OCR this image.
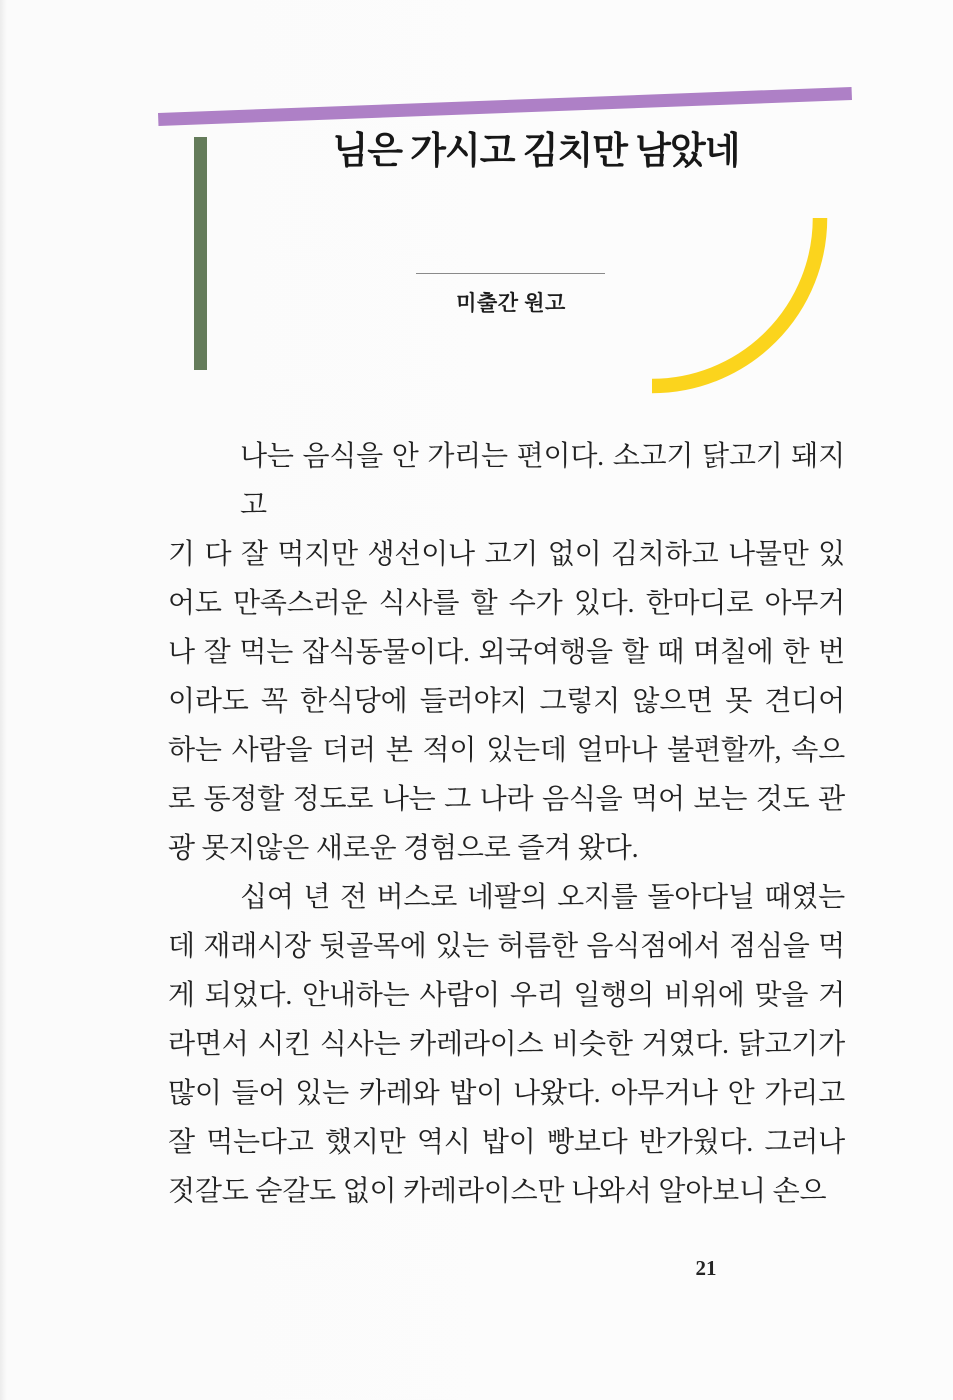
님은 가시고 김치만 남았네
미출간 원고
나는 음식을 안 가리는 편이다. 소고기 닭고기 돼지고
기 다 잘 먹지만 생선이나 고기 없이 김치하고 나물만 있
어도 만족스러운 식사를 할 수가 있다. 한마디로 아무거
나 잘 먹는 잡식동물이다. 외국여행을 할 때 며칠에 한 번
이라도 꼭 한식당에 들러야지 그렇지 않으면 못 견디어
하는 사람을 더러 본 적이 있는데 얼마나 불편할까, 속으
로 동정할 정도로 나는 그 나라 음식을 먹어 보는 것도 관
광 못지않은 새로운 경험으로 즐겨 왔다.
십여 년 전 버스로 네팔의 오지를 돌아다닐 때였는
데 재래시장 뒷골목에 있는 허름한 음식점에서 점심을 먹
게 되었다. 안내하는 사람이 우리 일행의 비위에 맞을 거
라면서 시킨 식사는 카레라이스 비슷한 거였다. 닭고기가
많이 들어 있는 카레와 밥이 나왔다. 아무거나 안 가리고
잘 먹는다고 했지만 역시 밥이 빵보다 반가웠다. 그러나
젓갈도 숟갈도 없이 카레라이스만 나와서 알아보니 손으
21
